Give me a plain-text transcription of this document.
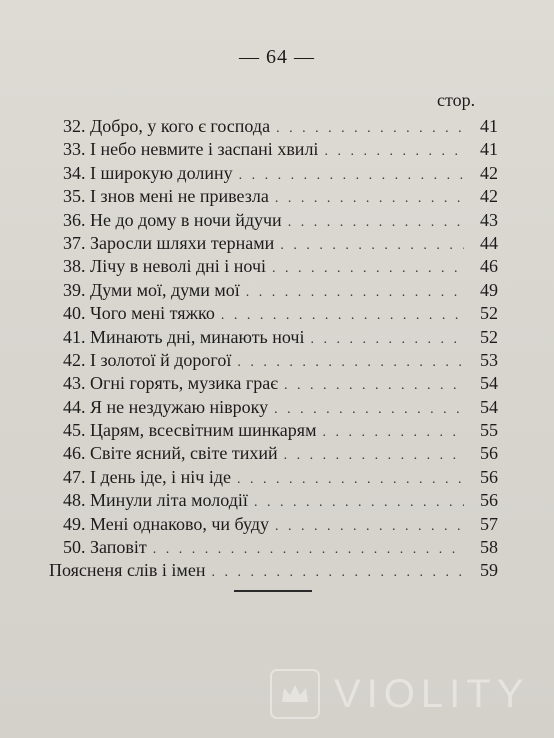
— 64 —
стор.
32. Добро, у кого є господа . . .	41
33. І небо невмите і заспані хвилі . . .	41
34. І широкую долину . . .	42
35. І знов мені не привезла . . .	42
36. Не до дому в ночи йдучи . . .	43
37. Заросли шляхи тернами . . .	44
38. Лічу в неволі дні і ночі . . .	46
39. Думи мої, думи мої . . .	49
40. Чого мені тяжко . . .	52
41. Минають дні, минають ночі . . .	52
42. І золотої й дорогої . . .	53
43. Огні горять, музика грає . . .	54
44. Я не нездужаю нівроку . . .	54
45. Царям, всесвітним шинкарям . . .	55
46. Світе ясний, світе тихий . . .	56
47. І день іде, і ніч іде . . .	56
48. Минули літа молодії . . .	56
49. Мені однаково, чи буду . . .	57
50. Заповіт . . .	58
Поясненя слів і імен . . .	59
VIOLITY
